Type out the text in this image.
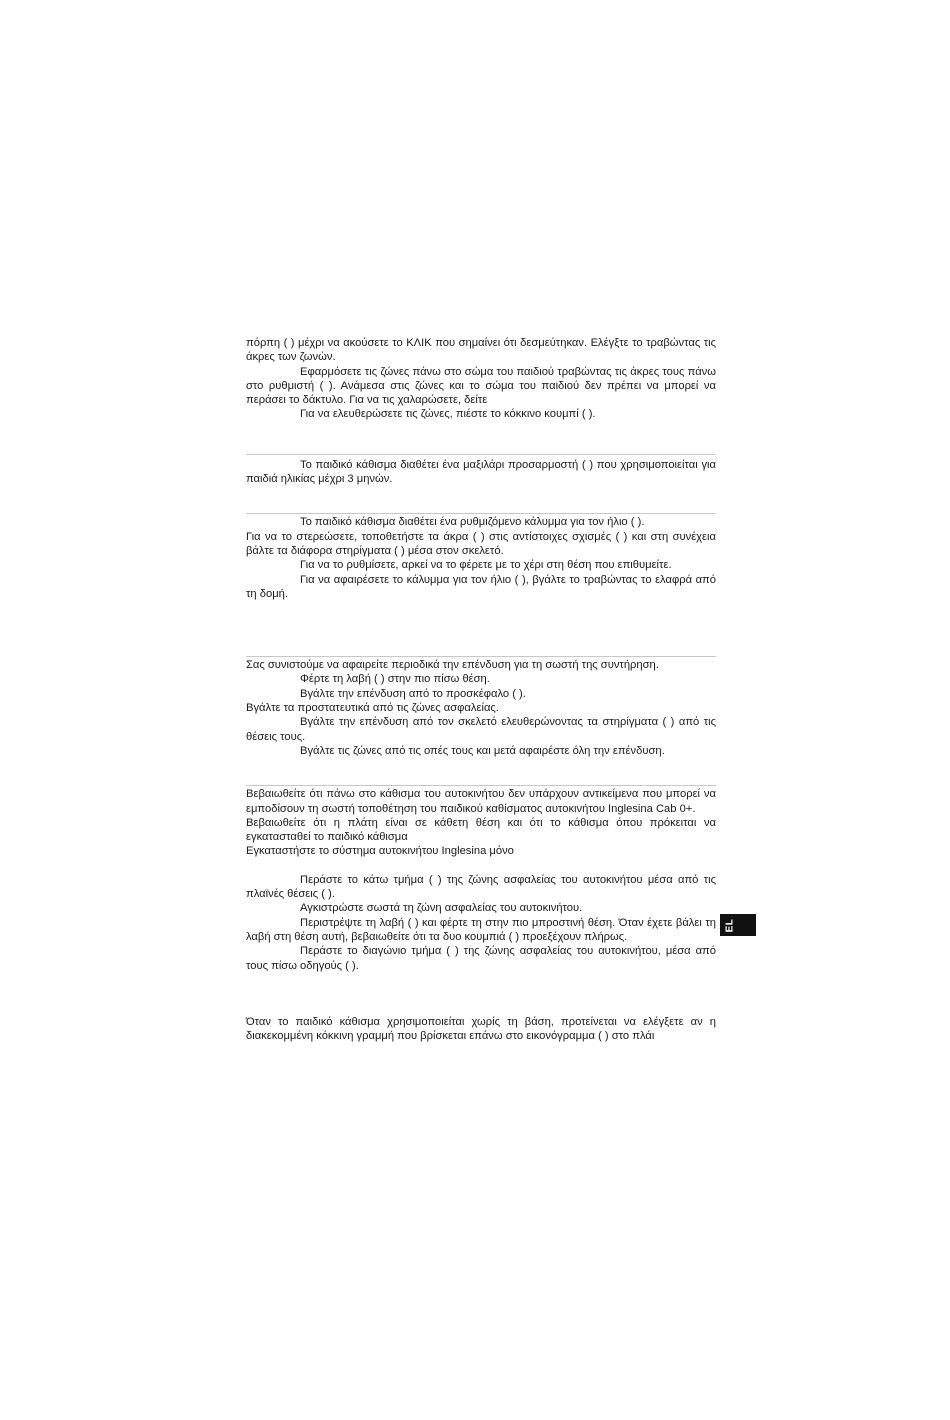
πόρπη ( ) μέχρι να ακούσετε το ΚΛΙΚ που σημαίνει ότι δεσμεύτηκαν. Ελέγξτε το τραβώντας τις άκρες των ζωνών.

Εφαρμόσετε τις ζώνες πάνω στο σώμα του παιδιού τραβώντας τις άκρες τους πάνω στο ρυθμιστή ( ). Ανάμεσα στις ζώνες και το σώμα του παιδιού δεν πρέπει να μπορεί να περάσει το δάκτυλο. Για να τις χαλαρώσετε, δείτε

Για να ελευθερώσετε τις ζώνες, πιέστε το κόκκινο κουμπί ( ).

Το παιδικό κάθισμα διαθέτει ένα μαξιλάρι προσαρμοστή ( ) που χρησιμοποιείται για παιδιά ηλικίας μέχρι 3 μηνών.

Το παιδικό κάθισμα διαθέτει ένα ρυθμιζόμενο κάλυμμα για τον ήλιο ( ).

Για να το στερεώσετε, τοποθετήστε τα άκρα ( ) στις αντίστοιχες σχισμές ( ) και στη συνέχεια βάλτε τα διάφορα στηρίγματα ( ) μέσα στον σκελετό.

Για να το ρυθμίσετε, αρκεί να το φέρετε με το χέρι στη θέση που επιθυμείτε.

Για να αφαιρέσετε το κάλυμμα για τον ήλιο ( ), βγάλτε το τραβώντας το ελαφρά από τη δομή.

Σας συνιστούμε να αφαιρείτε περιοδικά την επένδυση για τη σωστή της συντήρηση.

Φέρτε τη λαβή ( ) στην πιο πίσω θέση.

Βγάλτε την επένδυση από το προσκέφαλο ( ).

Βγάλτε τα προστατευτικά από τις ζώνες ασφαλείας.

Βγάλτε την επένδυση από τον σκελετό ελευθερώνοντας τα στηρίγματα ( ) από τις θέσεις τους.

Βγάλτε τις ζώνες από τις οπές τους και μετά αφαιρέστε όλη την επένδυση.

Βεβαιωθείτε ότι πάνω στο κάθισμα του αυτοκινήτου δεν υπάρχουν αντικείμενα που μπορεί να εμποδίσουν τη σωστή τοποθέτηση του παιδικού καθίσματος αυτοκινήτου Inglesina Cab 0+.

Βεβαιωθείτε ότι η πλάτη είναι σε κάθετη θέση και ότι το κάθισμα όπου πρόκειται να εγκατασταθεί το παιδικό κάθισμα

Εγκαταστήστε το σύστημα αυτοκινήτου Inglesina μόνο

Περάστε το κάτω τμήμα ( ) της ζώνης ασφαλείας του αυτοκινήτου μέσα από τις πλαϊνές θέσεις ( ).

Αγκιστρώστε σωστά τη ζώνη ασφαλείας του αυτοκινήτου.

Περιστρέψτε τη λαβή ( ) και φέρτε τη στην πιο μπροστινή θέση. Όταν έχετε βάλει τη λαβή στη θέση αυτή, βεβαιωθείτε ότι τα δυο κουμπιά ( ) προεξέχουν πλήρως.

Περάστε το διαγώνιο τμήμα ( ) της ζώνης ασφαλείας του αυτοκινήτου, μέσα από τους πίσω οδηγούς ( ).

Όταν το παιδικό κάθισμα χρησιμοποιείται χωρίς τη βάση, προτείνεται να ελέγξετε αν η διακεκομμένη κόκκινη γραμμή που βρίσκεται επάνω στο εικονόγραμμα ( ) στο πλάι

EL
